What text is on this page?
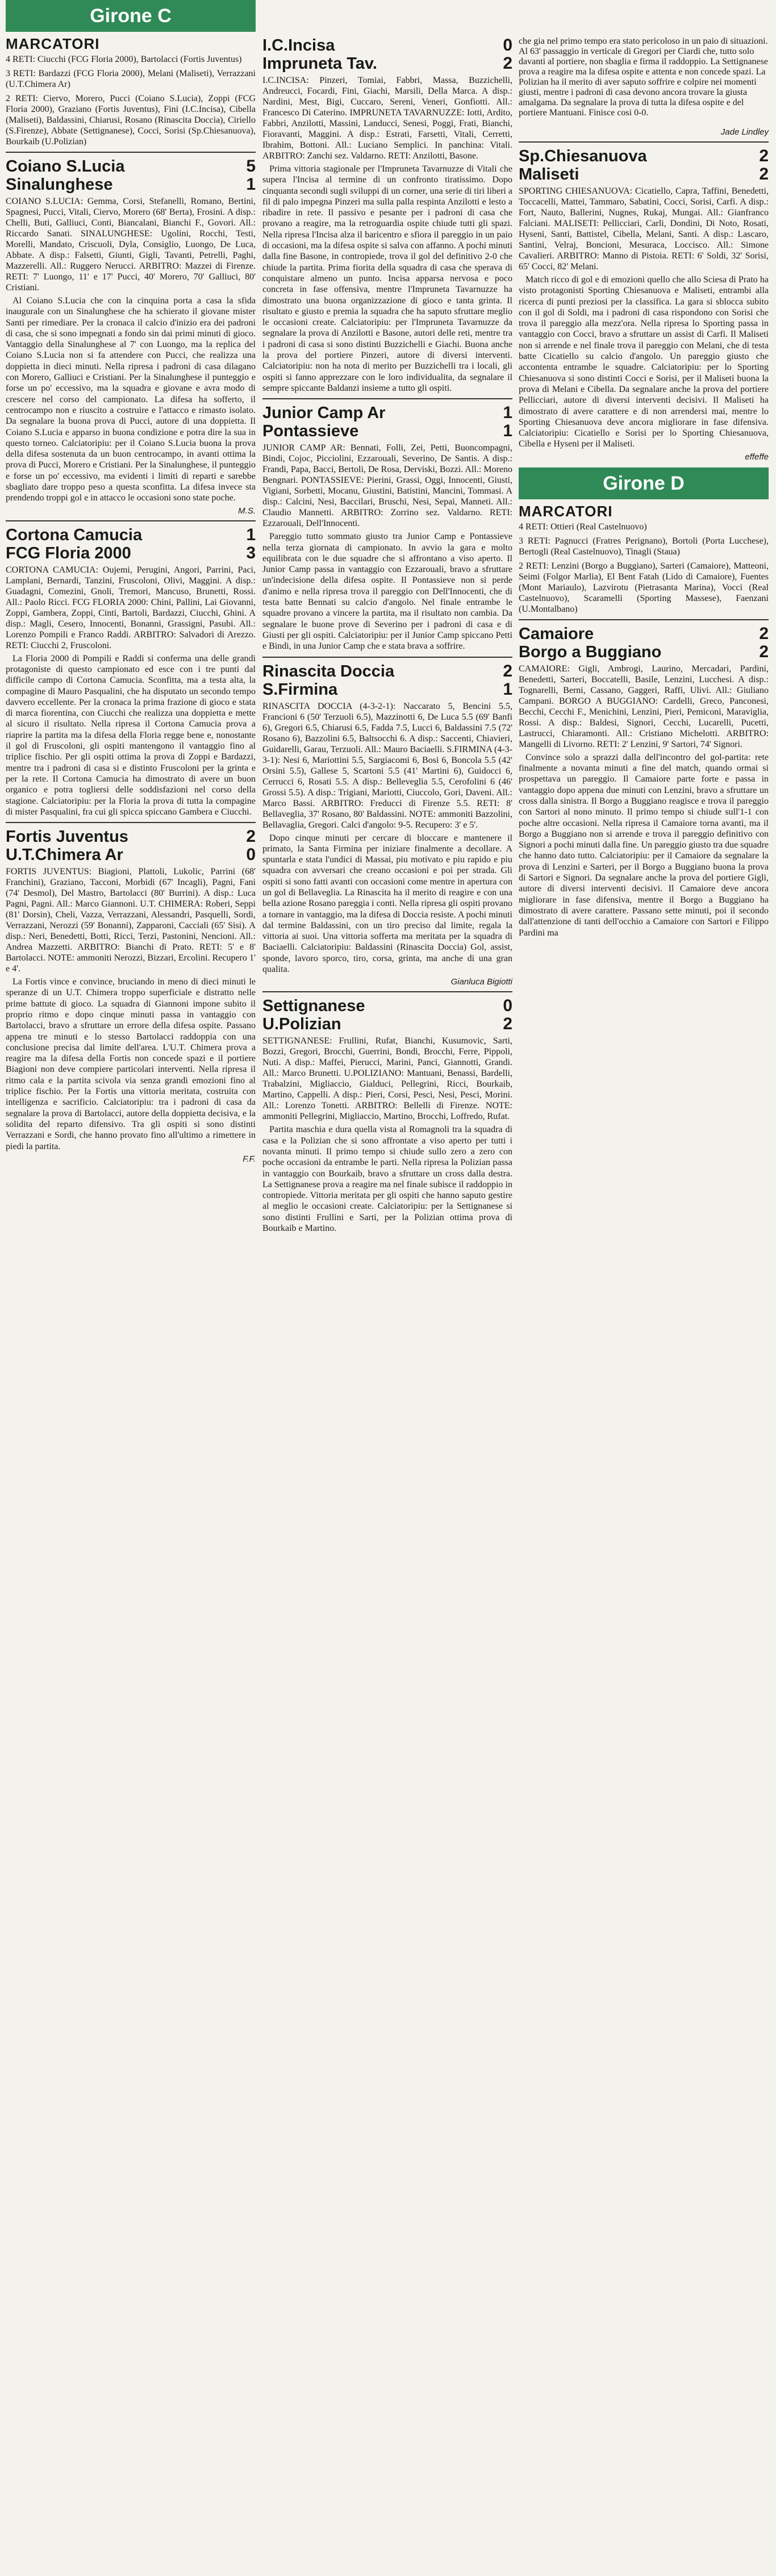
Girone C
MARCATORI

4 RETI: Ciucchi (FCG Floria 2000), Bartolacci (Fortis Juventus)

3 RETI: Bardazzi (FCG Floria 2000), Melani (Maliseti), Verrazzani (U.T.Chimera Ar)

2 RETI: Ciervo, Morero, Pucci (Coiano S.Lucia), Zoppi (FCG Floria 2000), Graziano (Fortis Juventus), Fini (I.C.Incisa), Cibella (Maliseti), Baldassini, Chiarusi, Rosano (Rinascita Doccia), Ciriello (S.Firenze), Abbate (Settignanese), Cocci, Sorisi (Sp.Chiesanuova), Bourkaib (U.Polizian)

Coiano S.Lucia	5
Sinalunghese	1

COIANO S.LUCIA: Gemma, Corsi, Stefanelli, Romano, Bertini, Spagnesi, Pucci, Vitali, Ciervo, Morero (68' Berta), Frosini. A disp.: Chelli, Buti, Galliuci, Conti, Biancalani, Bianchi F., Govori. All.: Riccardo Sanati. SINALUNGHESE: Ugolini, Rocchi, Testi, Morelli, Mandato, Criscuoli, Dyla, Consiglio, Luongo, De Luca, Abbate. A disp.: Falsetti, Giunti, Gigli, Tavanti, Petrelli, Paghi, Mazzerelli. All.: Ruggero Nerucci. ARBITRO: Mazzei di Firenze. RETI: 7' Luongo, 11' e 17' Pucci, 40' Morero, 70' Galliuci, 80' Cristiani.

Al Coiano S.Lucia che con la cinquina porta a casa la sfida inaugurale con un Sinalunghese che ha schierato il giovane mister Santi per rimediare. Per la cronaca il calcio d'inizio era dei padroni di casa, che si sono impegnati a fondo sin dai primi minuti di gioco. Vantaggio della Sinalunghese al 7' con Luongo, ma la replica del Coiano S.Lucia non si fa attendere con Pucci, che realizza una doppietta in dieci minuti. Nella ripresa i padroni di casa dilagano con Morero, Galliuci e Cristiani. Per la Sinalunghese il punteggio e forse un po' eccessivo, ma la squadra e giovane e avra modo di crescere nel corso del campionato. La difesa ha sofferto, il centrocampo non e riuscito a costruire e l'attacco e rimasto isolato. Da segnalare la buona prova di Pucci, autore di una doppietta. Il Coiano S.Lucia e apparso in buona condizione e potra dire la sua in questo torneo. Calciatoripiu: per il Coiano S.Lucia buona la prova della difesa sostenuta da un buon centrocampo, in avanti ottima la prova di Pucci, Morero e Cristiani. Per la Sinalunghese, il punteggio e forse un po' eccessivo, ma evidenti i limiti di reparti e sarebbe sbagliato dare troppo peso a questa sconfitta. La difesa invece sta prendendo troppi gol e in attacco le occasioni sono state poche.

M.S.
Cortona Camucia	1
FCG Floria 2000	3

CORTONA CAMUCIA: Oujemi, Perugini, Angori, Parrini, Paci, Lamplani, Bernardi, Tanzini, Fruscoloni, Olivi, Maggini. A disp.: Guadagni, Comezini, Gnoli, Tremori, Mancuso, Brunetti, Rossi. All.: Paolo Ricci. FCG FLORIA 2000: Chini, Pallini, Lai Giovanni, Zoppi, Gambera, Zoppi, Cinti, Bartoli, Bardazzi, Ciucchi, Ghini. A disp.: Magli, Cesero, Innocenti, Bonanni, Grassigni, Pasubi. All.: Lorenzo Pompili e Franco Raddi. ARBITRO: Salvadori di Arezzo. RETI: Ciucchi 2, Fruscoloni.

La Floria 2000 di Pompili e Raddi si conferma una delle grandi protagoniste di questo campionato ed esce con i tre punti dal difficile campo di Cortona Camucia. Sconfitta, ma a testa alta, la compagine di Mauro Pasqualini, che ha disputato un secondo tempo davvero eccellente. Per la cronaca la prima frazione di gioco e stata di marca fiorentina, con Ciucchi che realizza una doppietta e mette al sicuro il risultato. Nella ripresa il Cortona Camucia prova a riaprire la partita ma la difesa della Floria regge bene e, nonostante il gol di Fruscoloni, gli ospiti mantengono il vantaggio fino al triplice fischio. Per gli ospiti ottima la prova di Zoppi e Bardazzi, mentre tra i padroni di casa si e distinto Fruscoloni per la grinta e per la rete. Il Cortona Camucia ha dimostrato di avere un buon organico e potra togliersi delle soddisfazioni nel corso della stagione. Calciatoripiu: per la Floria la prova di tutta la compagine di mister Pasqualini, fra cui gli spicca spiccano Gambera e Ciucchi.

Fortis Juventus	2
U.T.Chimera Ar	0

FORTIS JUVENTUS: Biagioni, Plattoli, Lukolic, Parrini (68' Franchini), Graziano, Tacconi, Morbidi (67' Incagli), Pagni, Fani (74' Desmol), Del Mastro, Bartolacci (80' Burrini). A disp.: Luca Pagni, Pagni. All.: Marco Giannoni. U.T. CHIMERA: Roberi, Seppi (81' Dorsin), Cheli, Vazza, Verrazzani, Alessandri, Pasquelli, Sordi, Verrazzani, Nerozzi (59' Bonanni), Zapparoni, Cacciali (65' Sisi). A disp.: Neri, Benedetti, Botti, Ricci, Terzi, Pastonini, Nencioni. All.: Andrea Mazzetti. ARBITRO: Bianchi di Prato. RETI: 5' e 8' Bartolacci. NOTE: ammoniti Nerozzi, Bizzari, Ercolini. Recupero 1' e 4'.

La Fortis vince e convince, bruciando in meno di dieci minuti le speranze di un U.T. Chimera troppo superficiale e distratto nelle prime battute di gioco. La squadra di Giannoni impone subito il proprio ritmo e dopo cinque minuti passa in vantaggio con Bartolacci, bravo a sfruttare un errore della difesa ospite. Passano appena tre minuti e lo stesso Bartolacci raddoppia con una conclusione precisa dal limite dell'area. L'U.T. Chimera prova a reagire ma la difesa della Fortis non concede spazi e il portiere Biagioni non deve compiere particolari interventi. Nella ripresa il ritmo cala e la partita scivola via senza grandi emozioni fino al triplice fischio. Per la Fortis una vittoria meritata, costruita con intelligenza e sacrificio. Calciatoripiu: tra i padroni di casa da segnalare la prova di Bartolacci, autore della doppietta decisiva, e la solidita del reparto difensivo. Tra gli ospiti si sono distinti Verrazzani e Sordi, che hanno provato fino all'ultimo a rimettere in piedi la partita.

F.F.
I.C.Incisa	0
Impruneta Tav.	2

I.C.INCISA: Pinzeri, Tomiai, Fabbri, Massa, Buzzichelli, Andreucci, Focardi, Fini, Giachi, Marsili, Della Marca. A disp.: Nardini, Mest, Bigi, Cuccaro, Sereni, Veneri, Gonfiotti. All.: Francesco Di Caterino. IMPRUNETA TAVARNUZZE: Iotti, Ardito, Fabbri, Anzilotti, Massini, Landucci, Senesi, Poggi, Frati, Bianchi, Fioravanti, Maggini. A disp.: Estrati, Farsetti, Vitali, Cerretti, Ibrahim, Bottoni. All.: Luciano Semplici. In panchina: Vitali. ARBITRO: Zanchi sez. Valdarno. RETI: Anzilotti, Basone.

Prima vittoria stagionale per l'Impruneta Tavarnuzze di Vitali che supera l'Incisa al termine di un confronto tiratissimo. Dopo cinquanta secondi sugli sviluppi di un corner, una serie di tiri liberi a fil di palo impegna Pinzeri ma sulla palla respinta Anzilotti e lesto a ribadire in rete. Il passivo e pesante per i padroni di casa che provano a reagire, ma la retroguardia ospite chiude tutti gli spazi. Nella ripresa l'Incisa alza il baricentro e sfiora il pareggio in un paio di occasioni, ma la difesa ospite si salva con affanno. A pochi minuti dalla fine Basone, in contropiede, trova il gol del definitivo 2-0 che chiude la partita. Prima fiorita della squadra di casa che sperava di conquistare almeno un punto. Incisa apparsa nervosa e poco concreta in fase offensiva, mentre l'Impruneta Tavarnuzze ha dimostrato una buona organizzazione di gioco e tanta grinta. Il risultato e giusto e premia la squadra che ha saputo sfruttare meglio le occasioni create. Calciatoripiu: per l'Impruneta Tavarnuzze da segnalare la prova di Anzilotti e Basone, autori delle reti, mentre tra i padroni di casa si sono distinti Buzzichelli e Giachi. Buona anche la prova del portiere Pinzeri, autore di diversi interventi. Calciatoripiu: non ha nota di merito per Buzzichelli tra i locali, gli ospiti si fanno apprezzare con le loro individualita, da segnalare il sempre spiccante Baldanzi insieme a tutto gli ospiti.

Junior Camp Ar	1
Pontassieve	1

JUNIOR CAMP AR: Bennati, Folli, Zei, Petti, Buoncompagni, Bindi, Cojoc, Picciolini, Ezzarouali, Severino, De Santis. A disp.: Frandi, Papa, Bacci, Bertoli, De Rosa, Derviski, Bozzi. All.: Moreno Bengnari. PONTASSIEVE: Pierini, Grassi, Oggi, Innocenti, Giusti, Vigiani, Sorbetti, Mocanu, Giustini, Batistini, Mancini, Tommasi. A disp.: Calcini, Nesi, Baccilari, Bruschi, Nesi, Sepai, Manneti. All.: Claudio Mannetti. ARBITRO: Zorrino sez. Valdarno. RETI: Ezzarouali, Dell'Innocenti.

Pareggio tutto sommato giusto tra Junior Camp e Pontassieve nella terza giornata di campionato. In avvio la gara e molto equilibrata con le due squadre che si affrontano a viso aperto. Il Junior Camp passa in vantaggio con Ezzarouali, bravo a sfruttare un'indecisione della difesa ospite. Il Pontassieve non si perde d'animo e nella ripresa trova il pareggio con Dell'Innocenti, che di testa batte Bennati su calcio d'angolo. Nel finale entrambe le squadre provano a vincere la partita, ma il risultato non cambia. Da segnalare le buone prove di Severino per i padroni di casa e di Giusti per gli ospiti. Calciatoripiu: per il Junior Camp spiccano Petti e Bindi, in una Junior Camp che e stata brava a soffrire.

Rinascita Doccia	2
S.Firmina	1

RINASCITA DOCCIA (4-3-2-1): Naccarato 5, Bencini 5.5, Francioni 6 (50' Terzuoli 6.5), Mazzinotti 6, De Luca 5.5 (69' Banfi 6), Gregori 6.5, Chiarusi 6.5, Fadda 7.5, Lucci 6, Baldassini 7.5 (72' Rosano 6), Bazzolini 6.5, Baltsocchi 6. A disp.: Saccenti, Chiavieri, Guidarelli, Garau, Terzuoli. All.: Mauro Baciaelli. S.FIRMINA (4-3-3-1): Nesi 6, Mariottini 5.5, Sargiacomi 6, Bosi 6, Boncola 5.5 (42' Orsini 5.5), Gallese 5, Scartoni 5.5 (41' Martini 6), Guidocci 6, Cerrucci 6, Rosati 5.5. A disp.: Belleveglia 5.5, Cerofolini 6 (46' Grossi 5.5). A disp.: Trigiani, Mariotti, Ciuccolo, Gori, Daveni. All.: Marco Bassi. ARBITRO: Freducci di Firenze 5.5. RETI: 8' Bellaveglia, 37' Rosano, 80' Baldassini. NOTE: ammoniti Bazzolini, Bellavaglia, Gregori. Calci d'angolo: 9-5. Recupero: 3' e 5'.

Dopo cinque minuti per cercare di bloccare e mantenere il primato, la Santa Firmina per iniziare finalmente a decollare. A spuntarla e stata l'undici di Massai, piu motivato e piu rapido e piu squadra con avversari che creano occasioni e poi per strada. Gli ospiti si sono fatti avanti con occasioni come mentre in apertura con un gol di Bellaveglia. La Rinascita ha il merito di reagire e con una bella azione Rosano pareggia i conti. Nella ripresa gli ospiti provano a tornare in vantaggio, ma la difesa di Doccia resiste. A pochi minuti dal termine Baldassini, con un tiro preciso dal limite, regala la vittoria ai suoi. Una vittoria sofferta ma meritata per la squadra di Baciaelli. Calciatoripiu: Baldassini (Rinascita Doccia) Gol, assist, sponde, lavoro sporco, tiro, corsa, grinta, ma anche di una gran qualita.

Gianluca Bigiotti
Settignanese	0
U.Polizian	2

SETTIGNANESE: Frullini, Rufat, Bianchi, Kusumovic, Sarti, Bozzi, Gregori, Brocchi, Guerrini, Bondi, Brocchi, Ferre, Pippoli, Nuti. A disp.: Maffei, Pierucci, Marini, Panci, Giannotti, Grandi. All.: Marco Brunetti. U.POLIZIANO: Mantuani, Benassi, Bardelli, Trabalzini, Migliaccio, Gialduci, Pellegrini, Ricci, Bourkaib, Martino, Cappelli. A disp.: Pieri, Corsi, Pesci, Nesi, Pesci, Morini. All.: Lorenzo Tonetti. ARBITRO: Bellelli di Firenze. NOTE: ammoniti Pellegrini, Migliaccio, Martino, Brocchi, Loffredo, Rufat.

Partita maschia e dura quella vista al Romagnoli tra la squadra di casa e la Polizian che si sono affrontate a viso aperto per tutti i novanta minuti. Il primo tempo si chiude sullo zero a zero con poche occasioni da entrambe le parti. Nella ripresa la Polizian passa in vantaggio con Bourkaib, bravo a sfruttare un cross dalla destra. La Settignanese prova a reagire ma nel finale subisce il raddoppio in contropiede. Vittoria meritata per gli ospiti che hanno saputo gestire al meglio le occasioni create. Calciatoripiu: per la Settignanese si sono distinti Frullini e Sarti, per la Polizian ottima prova di Bourkaib e Martino.

che gia nel primo tempo era stato pericoloso in un paio di situazioni. Al 63' passaggio in verticale di Gregori per Ciardi che, tutto solo davanti al portiere, non sbaglia e firma il raddoppio. La Settignanese prova a reagire ma la difesa ospite e attenta e non concede spazi. La Polizian ha il merito di aver saputo soffrire e colpire nei momenti giusti, mentre i padroni di casa devono ancora trovare la giusta amalgama. Da segnalare la prova di tutta la difesa ospite e del portiere Mantuani. Finisce cosi 0-0.

Jade Lindley
Sp.Chiesanuova	2
Maliseti	2

SPORTING CHIESANUOVA: Cicatiello, Capra, Taffini, Benedetti, Toccacelli, Mattei, Tammaro, Sabatini, Cocci, Sorisi, Carfi. A disp.: Fort, Nauto, Ballerini, Nugnes, Rukaj, Mungai. All.: Gianfranco Falciani. MALISETI: Pellicciari, Carli, Dondini, Di Noto, Rosati, Hyseni, Santi, Battistel, Cibella, Melani, Santi. A disp.: Lascaro, Santini, Velraj, Boncioni, Mesuraca, Loccisco. All.: Simone Cavalieri. ARBITRO: Manno di Pistoia. RETI: 6' Soldi, 32' Sorisi, 65' Cocci, 82' Melani.

Match ricco di gol e di emozioni quello che allo Sciesa di Prato ha visto protagonisti Sporting Chiesanuova e Maliseti, entrambi alla ricerca di punti preziosi per la classifica. La gara si sblocca subito con il gol di Soldi, ma i padroni di casa rispondono con Sorisi che trova il pareggio alla mezz'ora. Nella ripresa lo Sporting passa in vantaggio con Cocci, bravo a sfruttare un assist di Carfi. Il Maliseti non si arrende e nel finale trova il pareggio con Melani, che di testa batte Cicatiello su calcio d'angolo. Un pareggio giusto che accontenta entrambe le squadre. Calciatoripiu: per lo Sporting Chiesanuova si sono distinti Cocci e Sorisi, per il Maliseti buona la prova di Melani e Cibella. Da segnalare anche la prova del portiere Pellicciari, autore di diversi interventi decisivi. Il Maliseti ha dimostrato di avere carattere e di non arrendersi mai, mentre lo Sporting Chiesanuova deve ancora migliorare in fase difensiva. Calciatoripiu: Cicatiello e Sorisi per lo Sporting Chiesanuova, Cibella e Hyseni per il Maliseti.

effeffe
Girone D
MARCATORI

4 RETI: Ottieri (Real Castelnuovo)

3 RETI: Pagnucci (Fratres Perignano), Bortoli (Porta Lucchese), Bertogli (Real Castelnuovo), Tinagli (Staua)

2 RETI: Lenzini (Borgo a Buggiano), Sarteri (Camaiore), Matteoni, Seimi (Folgor Marlia), El Bent Fatah (Lido di Camaiore), Fuentes (Mont Mariaulo), Lazvirotu (Pietrasanta Marina), Vocci (Real Castelnuovo), Scaramelli (Sporting Massese), Faenzani (U.Montalbano)

Camaiore	2
Borgo a Buggiano	2

CAMAIORE: Gigli, Ambrogi, Laurino, Mercadari, Pardini, Benedetti, Sarteri, Boccatelli, Basile, Lenzini, Lucchesi. A disp.: Tognarelli, Berni, Cassano, Gaggeri, Raffi, Ulivi. All.: Giuliano Campani. BORGO A BUGGIANO: Cardelli, Greco, Panconesi, Becchi, Cecchi F., Menichini, Lenzini, Pieri, Pemiconi, Maraviglia, Rossi. A disp.: Baldesi, Signori, Cecchi, Lucarelli, Pucetti, Lastrucci, Chiaramonti. All.: Cristiano Michelotti. ARBITRO: Mangelli di Livorno. RETI: 2' Lenzini, 9' Sartori, 74' Signori.

Convince solo a sprazzi dalla dell'incontro del gol-partita: rete finalmente a novanta minuti a fine del match, quando ormai si prospettava un pareggio. Il Camaiore parte forte e passa in vantaggio dopo appena due minuti con Lenzini, bravo a sfruttare un cross dalla sinistra. Il Borgo a Buggiano reagisce e trova il pareggio con Sartori al nono minuto. Il primo tempo si chiude sull'1-1 con poche altre occasioni. Nella ripresa il Camaiore torna avanti, ma il Borgo a Buggiano non si arrende e trova il pareggio definitivo con Signori a pochi minuti dalla fine. Un pareggio giusto tra due squadre che hanno dato tutto. Calciatoripiu: per il Camaiore da segnalare la prova di Lenzini e Sarteri, per il Borgo a Buggiano buona la prova di Sartori e Signori. Da segnalare anche la prova del portiere Gigli, autore di diversi interventi decisivi. Il Camaiore deve ancora migliorare in fase difensiva, mentre il Borgo a Buggiano ha dimostrato di avere carattere. Passano sette minuti, poi il secondo dall'attenzione di tanti dell'occhio a Camaiore con Sartori e Filippo Pardini ma
